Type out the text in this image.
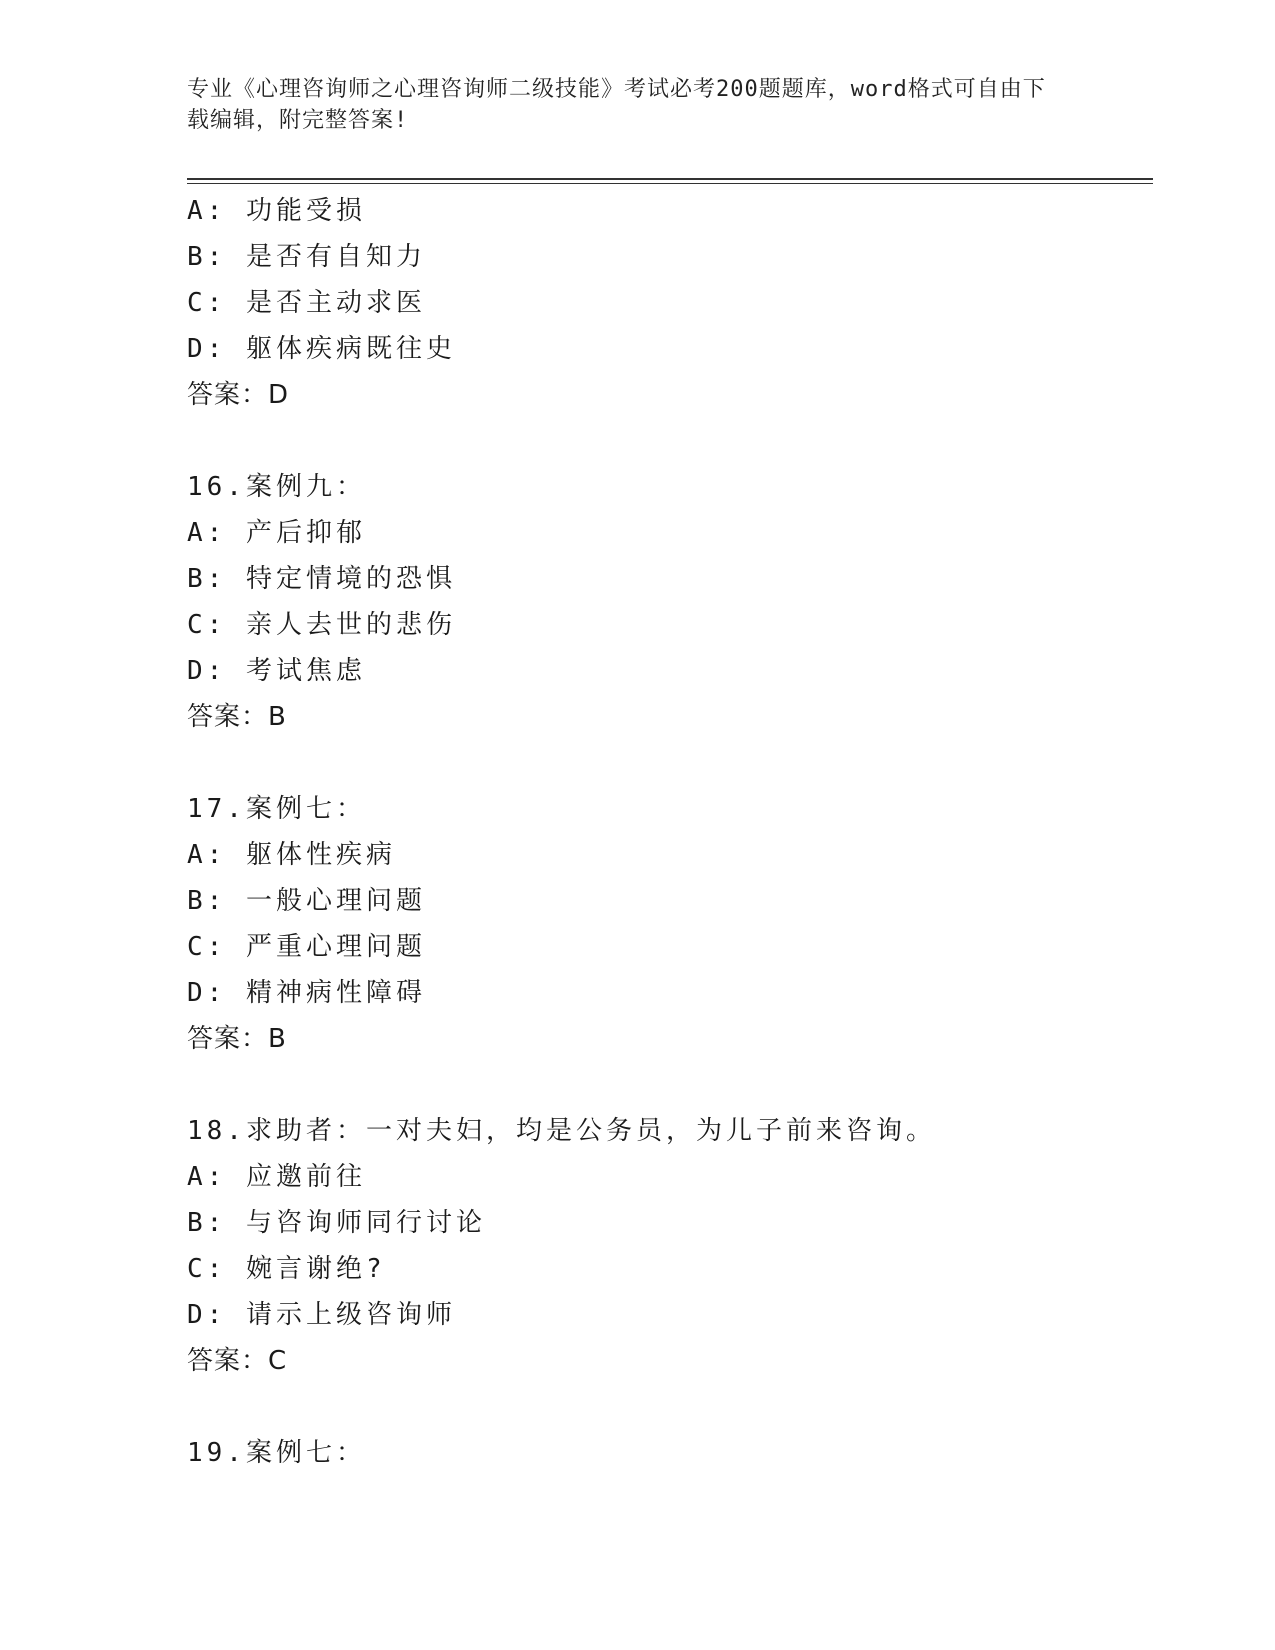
专业《心理咨询师之心理咨询师二级技能》考试必考200题题库，word格式可自由下载编辑，附完整答案!
A: 功能受损
B: 是否有自知力
C: 是否主动求医
D: 躯体疾病既往史
答案：D
16.案例九：
A: 产后抑郁
B: 特定情境的恐惧
C: 亲人去世的悲伤
D: 考试焦虑
答案：B
17.案例七：
A: 躯体性疾病
B: 一般心理问题
C: 严重心理问题
D: 精神病性障碍
答案：B
18.求助者：一对夫妇，均是公务员，为儿子前来咨询。
A: 应邀前往
B: 与咨询师同行讨论
C: 婉言谢绝?
D: 请示上级咨询师
答案：C
19.案例七：
